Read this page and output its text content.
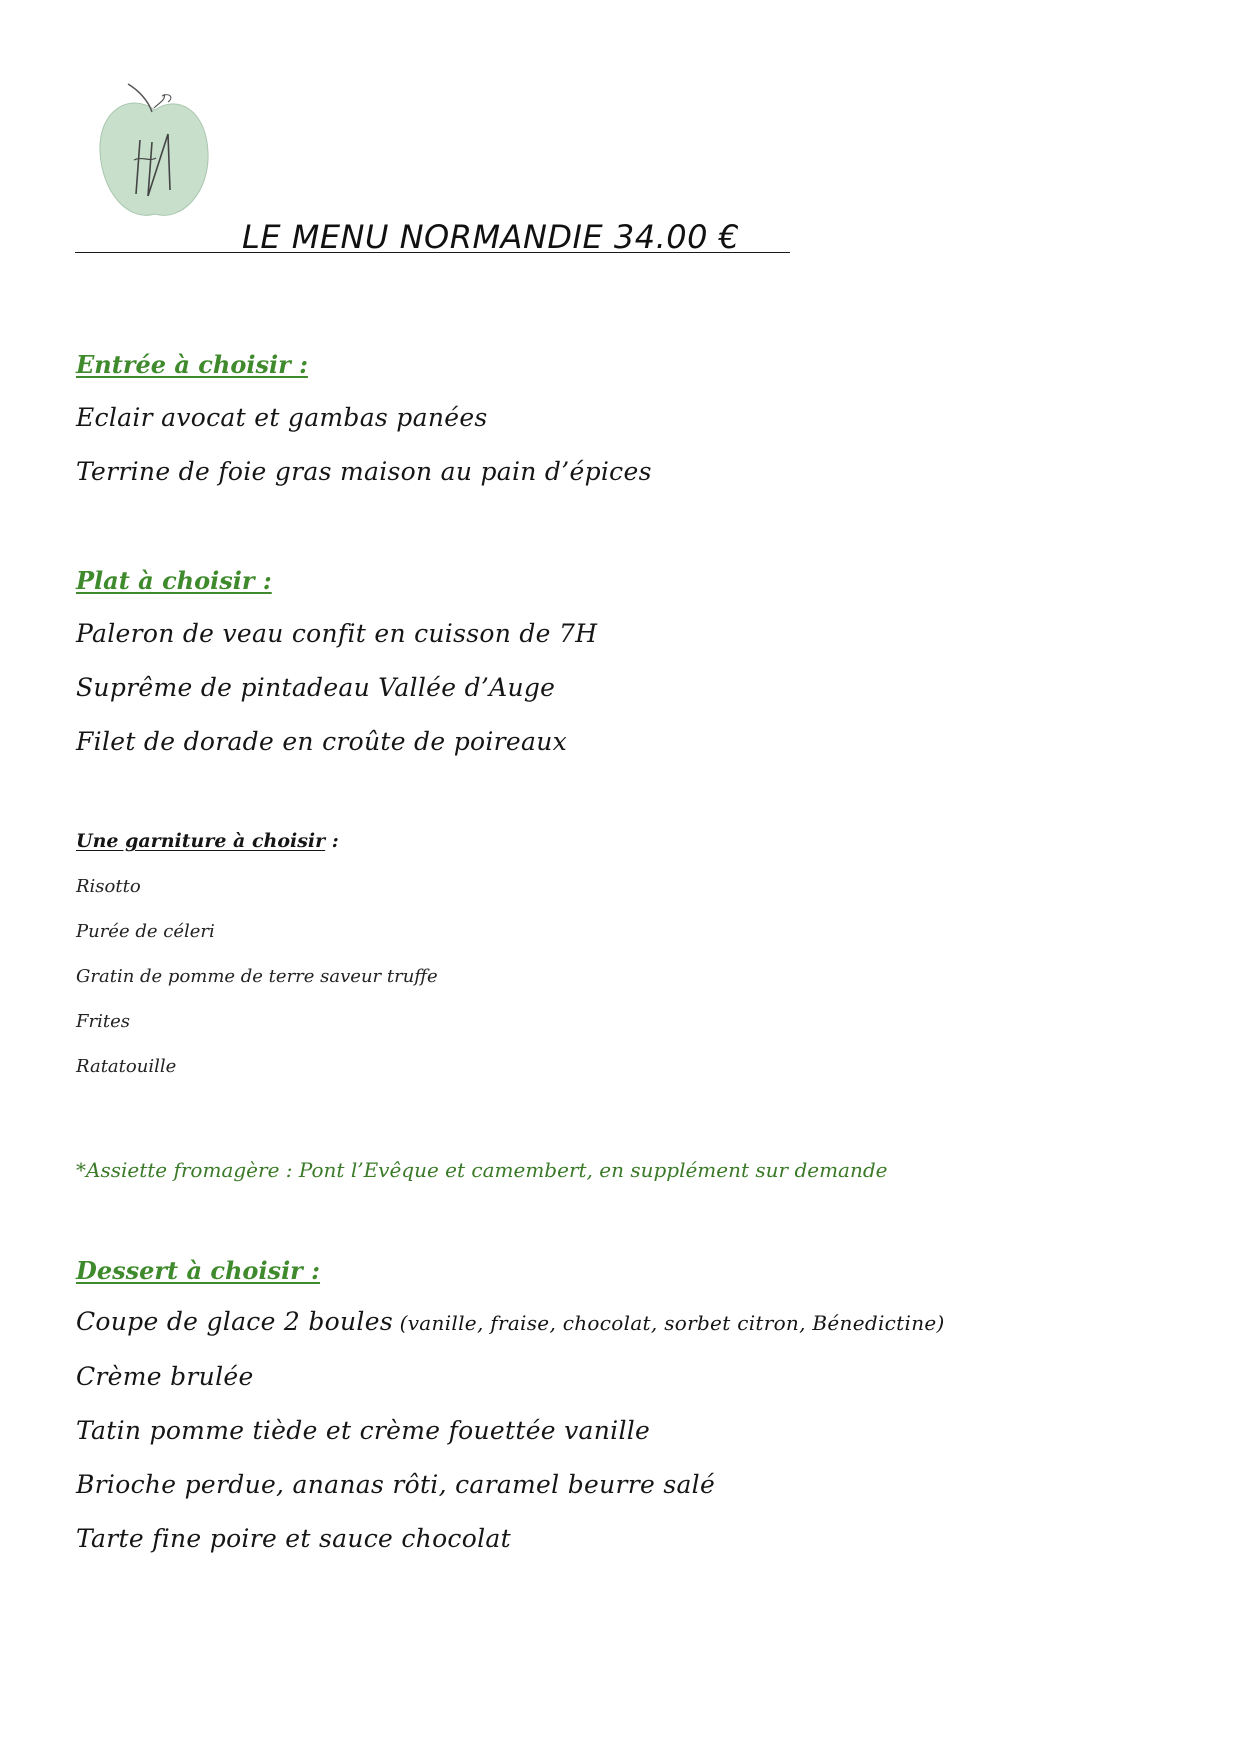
LE MENU NORMANDIE 34.00 €
Entrée à choisir :
Eclair avocat et gambas panées
Terrine de foie gras maison au pain d’épices
Plat à choisir :
Paleron de veau confit en cuisson de 7H
Suprême de pintadeau Vallée d’Auge
Filet de dorade en croûte de poireaux
Une garniture à choisir :
Risotto
Purée de céleri
Gratin de pomme de terre saveur truffe
Frites
Ratatouille
*Assiette fromagère : Pont l’Evêque et camembert, en supplément sur demande
Dessert à choisir :
Coupe de glace 2 boules (vanille, fraise, chocolat, sorbet citron, Bénedictine)
Crème brulée
Tatin pomme tiède et crème fouettée vanille
Brioche perdue, ananas rôti, caramel beurre salé
Tarte fine poire et sauce chocolat
